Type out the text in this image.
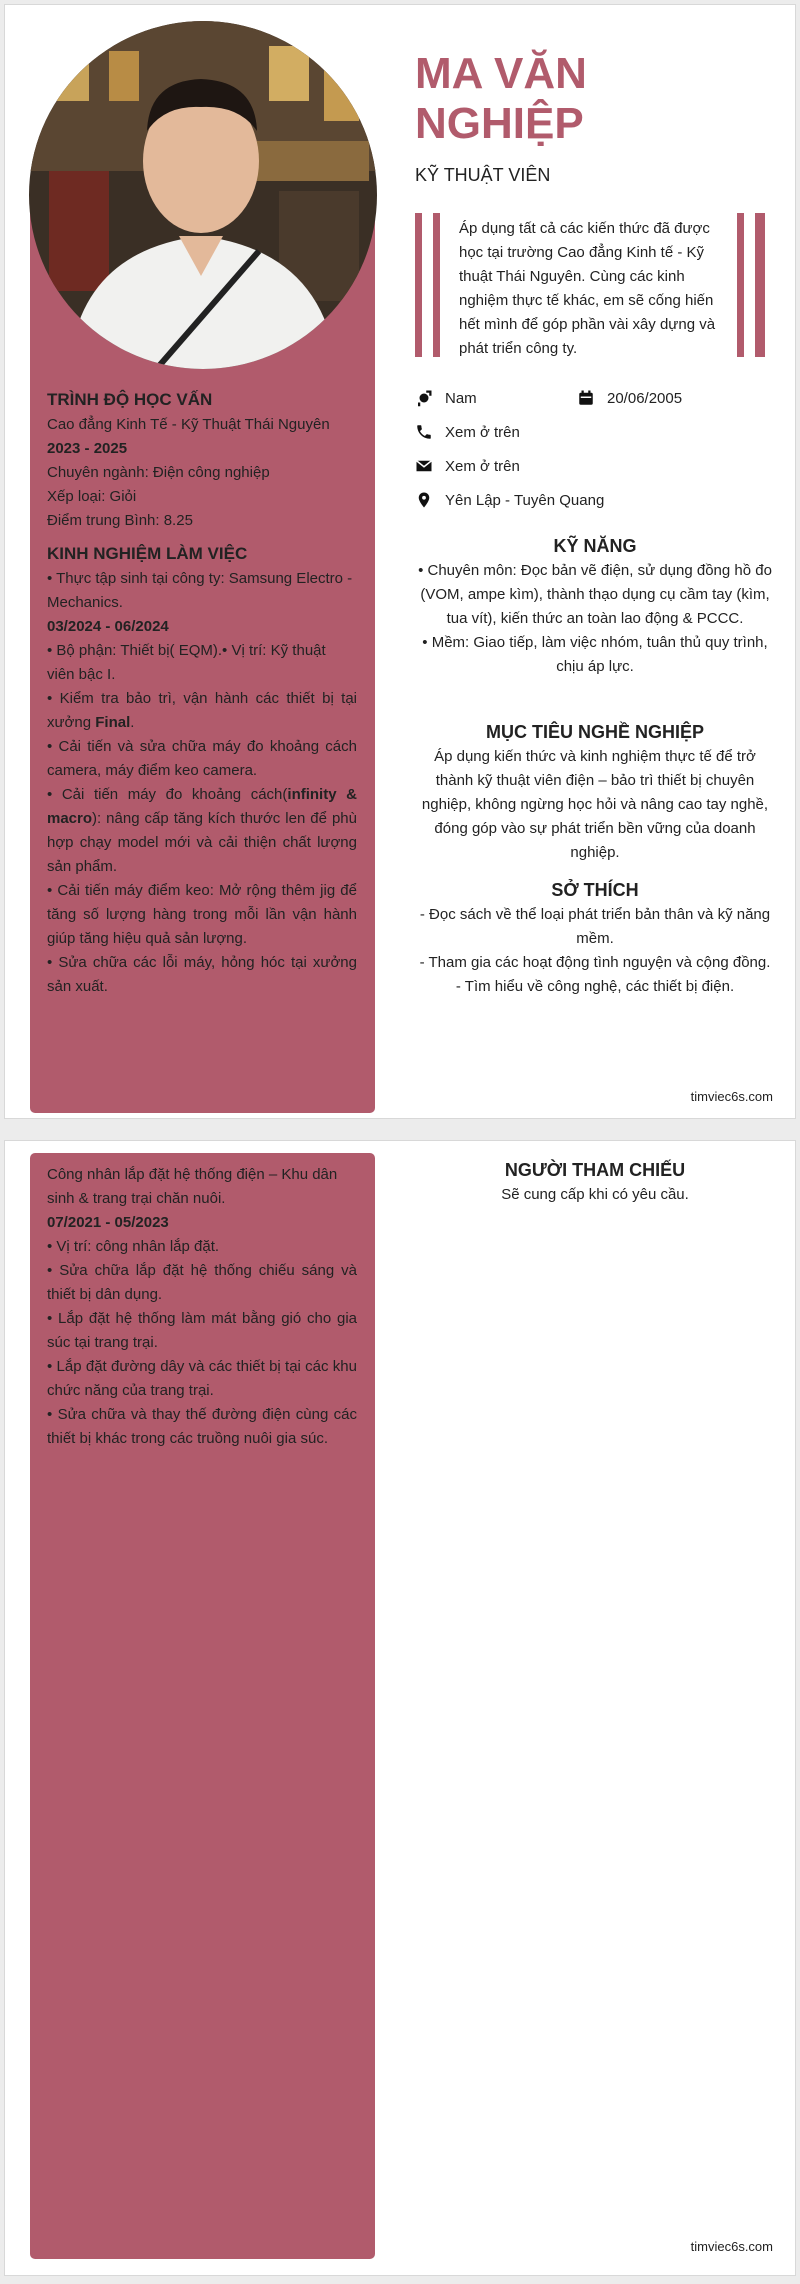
TRÌNH ĐỘ HỌC VẤN
Cao đẳng Kinh Tế - Kỹ Thuật Thái Nguyên
2023 - 2025
Chuyên ngành: Điện công nghiệp
Xếp loại: Giỏi
Điểm trung Bình: 8.25
KINH NGHIỆM LÀM VIỆC
• Thực tập sinh tại công ty: Samsung Electro - Mechanics.
03/2024 - 06/2024
• Bộ phận: Thiết bị( EQM).• Vị trí: Kỹ thuật viên bậc I.
• Kiểm tra bảo trì, vận hành các thiết bị tại xưởng Final.
• Cải tiến và sửa chữa máy đo khoảng cách camera, máy điểm keo camera.
• Cải tiến máy đo khoảng cách(infinity & macro): nâng cấp tăng kích thước len để phù hợp chạy model mới và cải thiện chất lượng sản phẩm.
• Cải tiến máy điểm keo: Mở rộng thêm jig để tăng số lượng hàng trong mỗi lần vận hành giúp tăng hiệu quả sản lượng.
• Sửa chữa các lỗi máy, hỏng hóc tại xưởng sản xuất.
MA VĂN
NGHIỆP
KỸ THUẬT VIÊN
Áp dụng tất cả các kiến thức đã được học tại trường Cao đẳng Kinh tế - Kỹ thuật Thái Nguyên. Cùng các kinh nghiệm thực tế khác, em sẽ cống hiến hết mình để góp phần vài xây dựng và phát triển công ty.
Nam	20/06/2005
Xem ở trên
Xem ở trên
Yên Lập - Tuyên Quang
KỸ NĂNG
• Chuyên môn: Đọc bản vẽ điện, sử dụng đồng hồ đo (VOM, ampe kìm), thành thạo dụng cụ cầm tay (kìm, tua vít), kiến thức an toàn lao động & PCCC.
• Mềm: Giao tiếp, làm việc nhóm, tuân thủ quy trình, chịu áp lực.
MỤC TIÊU NGHỀ NGHIỆP
Áp dụng kiến thức và kinh nghiệm thực tế để trở thành kỹ thuật viên điện – bảo trì thiết bị chuyên nghiệp, không ngừng học hỏi và nâng cao tay nghề, đóng góp vào sự phát triển bền vững của doanh nghiệp.
SỞ THÍCH
- Đọc sách về thể loại phát triển bản thân và kỹ năng mềm.
- Tham gia các hoạt động tình nguyện và cộng đồng.
- Tìm hiểu về công nghệ, các thiết bị điện.
timviec6s.com
Công nhân lắp đặt hệ thống điện – Khu dân sinh & trang trại chăn nuôi.
07/2021 - 05/2023
• Vị trí: công nhân lắp đặt.
• Sửa chữa lắp đặt hệ thống chiếu sáng và thiết bị dân dụng.
• Lắp đặt hệ thống làm mát bằng gió cho gia súc tại trang trại.
• Lắp đặt đường dây và các thiết bị tại các khu chức năng của trang trại.
• Sửa chữa và thay thế đường điện cùng các thiết bị khác trong các truồng nuôi gia súc.
NGƯỜI THAM CHIẾU
Sẽ cung cấp khi có yêu cầu.
timviec6s.com
